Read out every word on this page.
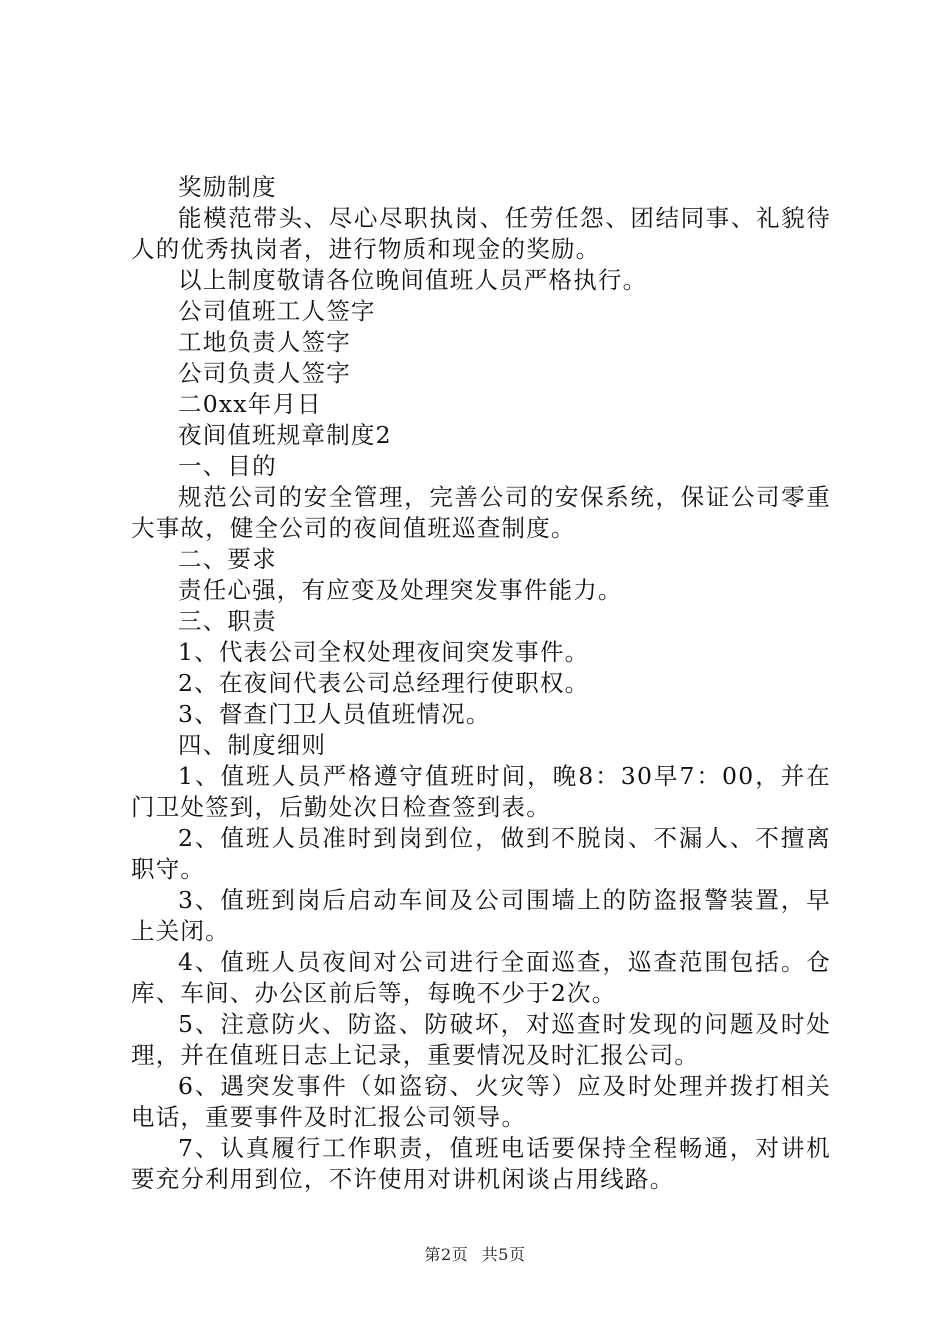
奖励制度

能模范带头、尽心尽职执岗、任劳任怨、团结同事、礼貌待人的优秀执岗者，进行物质和现金的奖励。

以上制度敬请各位晚间值班人员严格执行。

公司值班工人签字

工地负责人签字

公司负责人签字

二0xx年月日

夜间值班规章制度2

一、目的

规范公司的安全管理，完善公司的安保系统，保证公司零重大事故，健全公司的夜间值班巡查制度。

二、要求

责任心强，有应变及处理突发事件能力。

三、职责

1、代表公司全权处理夜间突发事件。

2、在夜间代表公司总经理行使职权。

3、督查门卫人员值班情况。

四、制度细则

1、值班人员严格遵守值班时间，晚8：30早7：00，并在门卫处签到，后勤处次日检查签到表。

2、值班人员准时到岗到位，做到不脱岗、不漏人、不擅离职守。

3、值班到岗后启动车间及公司围墙上的防盗报警装置，早上关闭。

4、值班人员夜间对公司进行全面巡查，巡查范围包括。仓库、车间、办公区前后等，每晚不少于2次。

5、注意防火、防盗、防破坏，对巡查时发现的问题及时处理，并在值班日志上记录，重要情况及时汇报公司。

6、遇突发事件（如盗窃、火灾等）应及时处理并拨打相关电话，重要事件及时汇报公司领导。

7、认真履行工作职责，值班电话要保持全程畅通，对讲机要充分利用到位，不许使用对讲机闲谈占用线路。

第2页 共5页
